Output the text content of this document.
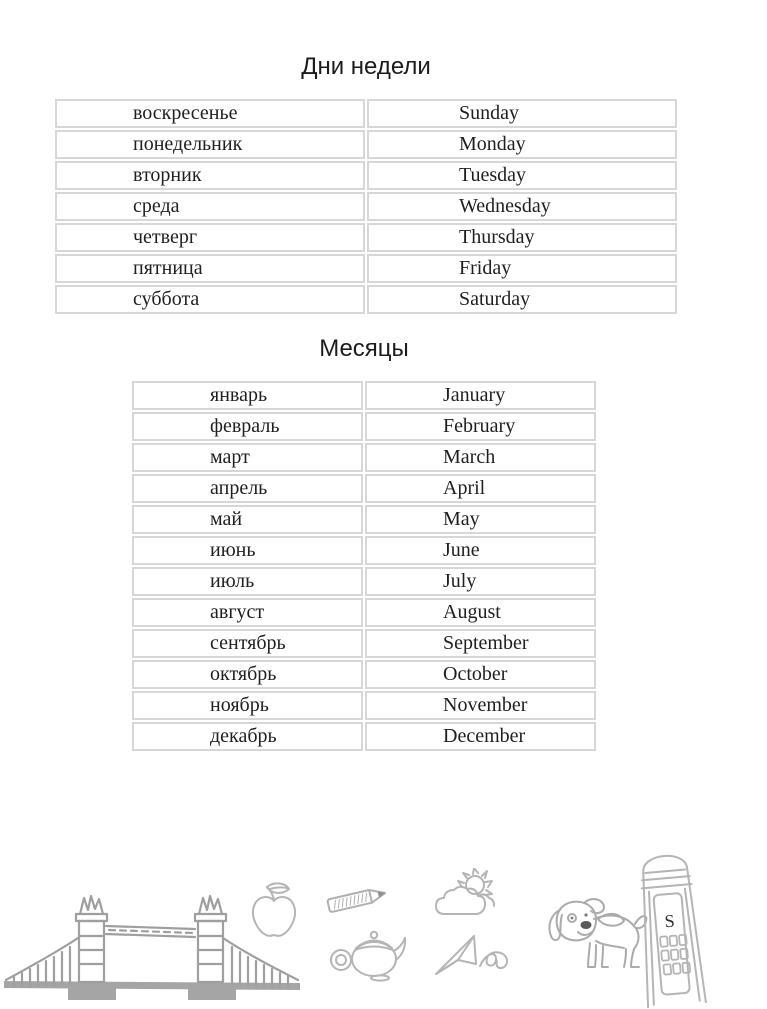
Дни недели
воскресенье	Sunday
понедельник	Monday
вторник	Tuesday
среда	Wednesday
четверг	Thursday
пятница	Friday
суббота	Saturday
Месяцы
январь	January
февраль	February
март	March
апрель	April
май	May
июнь	June
июль	July
август	August
сентябрь	September
октябрь	October
ноябрь	November
декабрь	December
S
